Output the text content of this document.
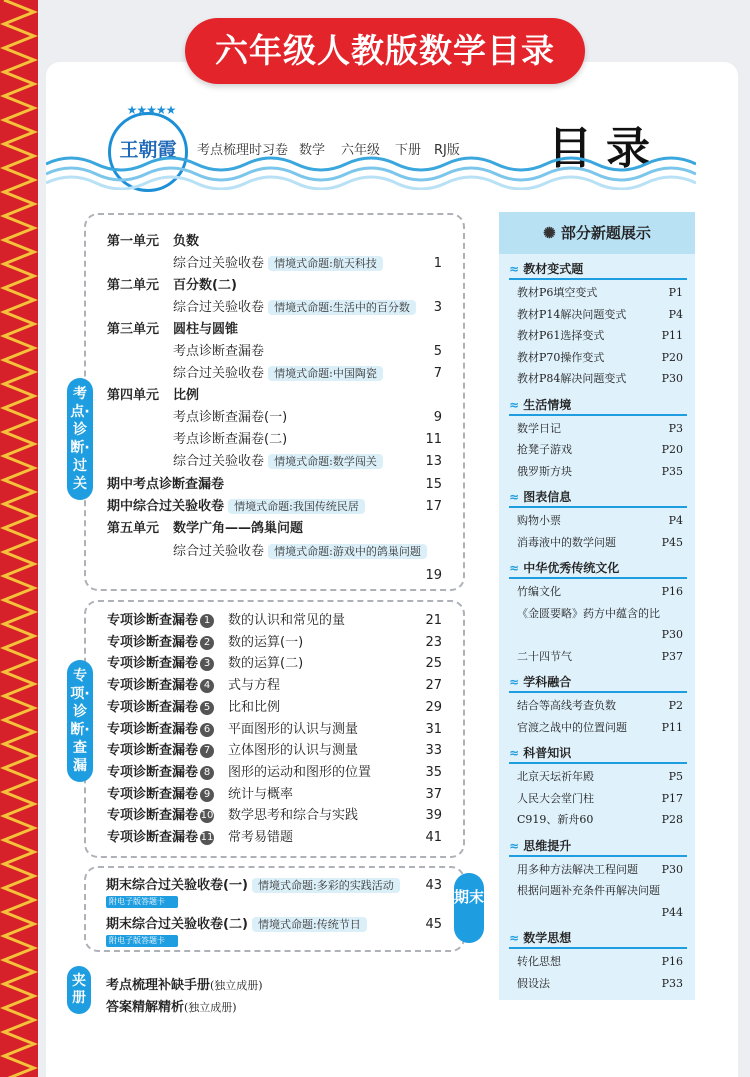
六年级人教版数学目录
★★★★★
王朝霞	考点梳理时习卷 数学 六年级 下册 RJ版 目录
考点·诊断·过关
第一单元 负数
综合过关验收卷 情境式命题:航天科技	1
第二单元 百分数(二)
综合过关验收卷 情境式命题:生活中的百分数	3
第三单元 圆柱与圆锥
考点诊断查漏卷	5
综合过关验收卷 情境式命题:中国陶瓷	7
第四单元 比例
考点诊断查漏卷(一)	9
考点诊断查漏卷(二)	11
综合过关验收卷 情境式命题:数学闯关	13
期中考点诊断查漏卷	15
期中综合过关验收卷 情境式命题:我国传统民居	17
第五单元 数学广角——鸽巢问题
综合过关验收卷 情境式命题:游戏中的鸽巢问题
19
专项·诊断·查漏
专项诊断查漏卷 1 数的认识和常见的量	21
专项诊断查漏卷 2 数的运算(一)	23
专项诊断查漏卷 3 数的运算(二)	25
专项诊断查漏卷 4 式与方程	27
专项诊断查漏卷 5 比和比例	29
专项诊断查漏卷 6 平面图形的认识与测量	31
专项诊断查漏卷 7 立体图形的认识与测量	33
专项诊断查漏卷 8 图形的运动和图形的位置	35
专项诊断查漏卷 9 统计与概率	37
专项诊断查漏卷 10 数学思考和综合与实践	39
专项诊断查漏卷 11 常考易错题	41
期末
期末综合过关验收卷(一) 情境式命题:多彩的实践活动
附电子版答题卡
43
期末综合过关验收卷(二) 情境式命题:传统节日
附电子版答题卡
45
夹册
考点梳理补缺手册(独立成册)
答案精解精析(独立成册)
✺ 部分新题展示
≈ 教材变式题
教材P6填空变式	P1
教材P14解决问题变式	P4
教材P61选择变式	P11
教材P70操作变式	P20
教材P84解决问题变式	P30
≈ 生活情境
数学日记	P3
抢凳子游戏	P20
俄罗斯方块	P35
≈ 图表信息
购物小票	P4
消毒液中的数学问题	P45
≈ 中华优秀传统文化
竹编文化	P16
《金匮要略》药方中蕴含的比
P30
二十四节气	P37
≈ 学科融合
结合等高线考查负数	P2
官渡之战中的位置问题	P11
≈ 科普知识
北京天坛祈年殿	P5
人民大会堂门柱	P17
C919、新舟60	P28
≈ 思维提升
用多种方法解决工程问题 P30
根据问题补充条件再解决问题
P44
≈ 数学思想
转化思想	P16
假设法	P33
